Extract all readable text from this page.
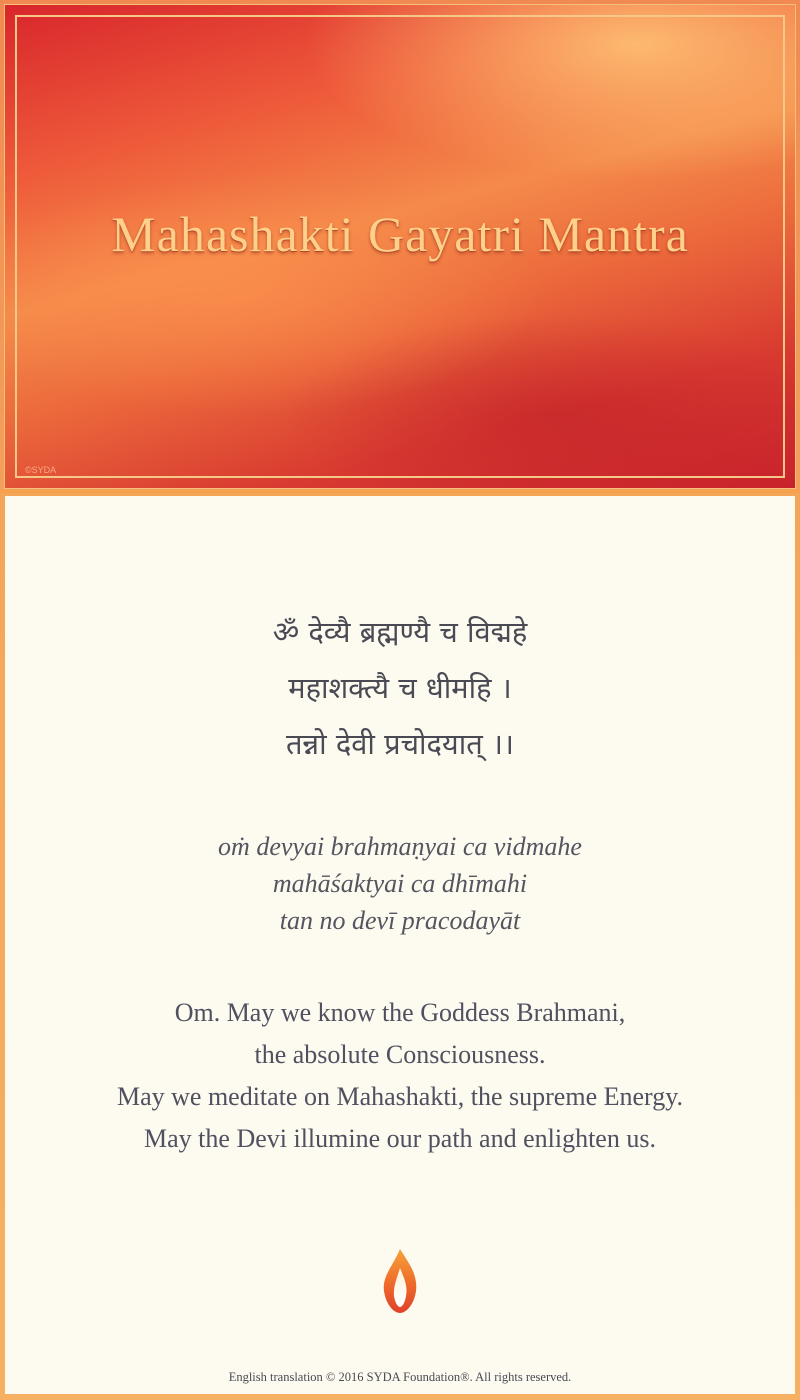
Mahashakti Gayatri Mantra
©SYDA
ॐ देव्यै ब्रह्मण्यै च विद्महे
महाशक्त्यै च धीमहि ।
तन्नो देवी प्रचोदयात् ।।
oṁ devyai brahmaṇyai ca vidmahe
mahāśaktyai ca dhīmahi
tan no devī pracodayāt
Om. May we know the Goddess Brahmani,
the absolute Consciousness.
May we meditate on Mahashakti, the supreme Energy.
May the Devi illumine our path and enlighten us.
English translation © 2016 SYDA Foundation®. All rights reserved.
